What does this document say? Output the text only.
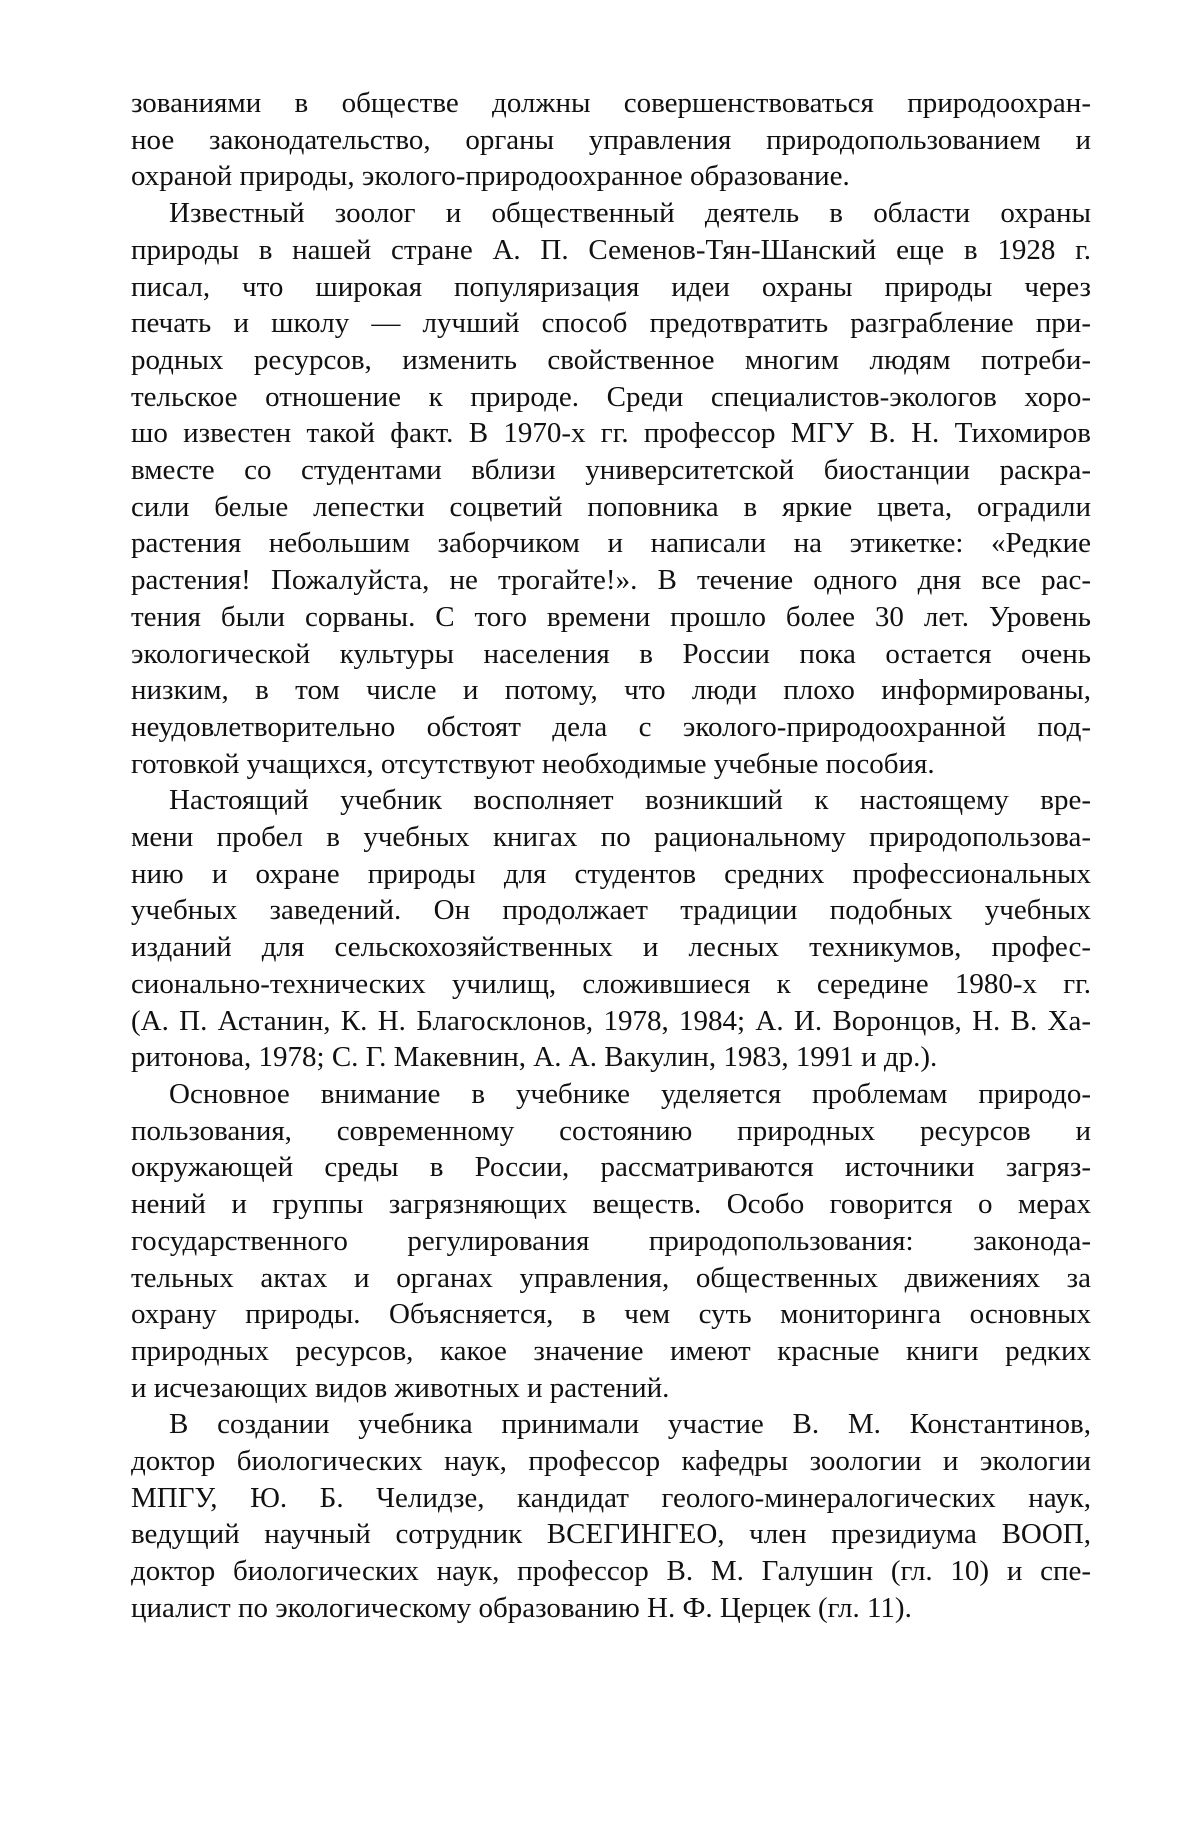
зованиями в обществе должны совершенствоваться природоохран-
ное законодательство, органы управления природопользованием и
охраной природы, эколого-природоохранное образование.
Известный зоолог и общественный деятель в области охраны
природы в нашей стране А. П. Семенов-Тян-Шанский еще в 1928 г.
писал, что широкая популяризация идеи охраны природы через
печать и школу — лучший способ предотвратить разграбление при-
родных ресурсов, изменить свойственное многим людям потреби-
тельское отношение к природе. Среди специалистов-экологов хоро-
шо известен такой факт. В 1970-х гг. профессор МГУ В. Н. Тихомиров
вместе со студентами вблизи университетской биостанции раскра-
сили белые лепестки соцветий поповника в яркие цвета, оградили
растения небольшим заборчиком и написали на этикетке: «Редкие
растения! Пожалуйста, не трогайте!». В течение одного дня все рас-
тения были сорваны. С того времени прошло более 30 лет. Уровень
экологической культуры населения в России пока остается очень
низким, в том числе и потому, что люди плохо информированы,
неудовлетворительно обстоят дела с эколого-природоохранной под-
готовкой учащихся, отсутствуют необходимые учебные пособия.
Настоящий учебник восполняет возникший к настоящему вре-
мени пробел в учебных книгах по рациональному природопользова-
нию и охране природы для студентов средних профессиональных
учебных заведений. Он продолжает традиции подобных учебных
изданий для сельскохозяйственных и лесных техникумов, профес-
сионально-технических училищ, сложившиеся к середине 1980-х гг.
(А. П. Астанин, К. Н. Благосклонов, 1978, 1984; А. И. Воронцов, Н. В. Ха-
ритонова, 1978; С. Г. Макевнин, А. А. Вакулин, 1983, 1991 и др.).
Основное внимание в учебнике уделяется проблемам природо-
пользования, современному состоянию природных ресурсов и
окружающей среды в России, рассматриваются источники загряз-
нений и группы загрязняющих веществ. Особо говорится о мерах
государственного регулирования природопользования: законода-
тельных актах и органах управления, общественных движениях за
охрану природы. Объясняется, в чем суть мониторинга основных
природных ресурсов, какое значение имеют красные книги редких
и исчезающих видов животных и растений.
В создании учебника принимали участие В. М. Константинов,
доктор биологических наук, профессор кафедры зоологии и экологии
МПГУ, Ю. Б. Челидзе, кандидат геолого-минералогических наук,
ведущий научный сотрудник ВСЕГИНГЕО, член президиума ВООП,
доктор биологических наук, профессор В. М. Галушин (гл. 10) и спе-
циалист по экологическому образованию Н. Ф. Церцек (гл. 11).
